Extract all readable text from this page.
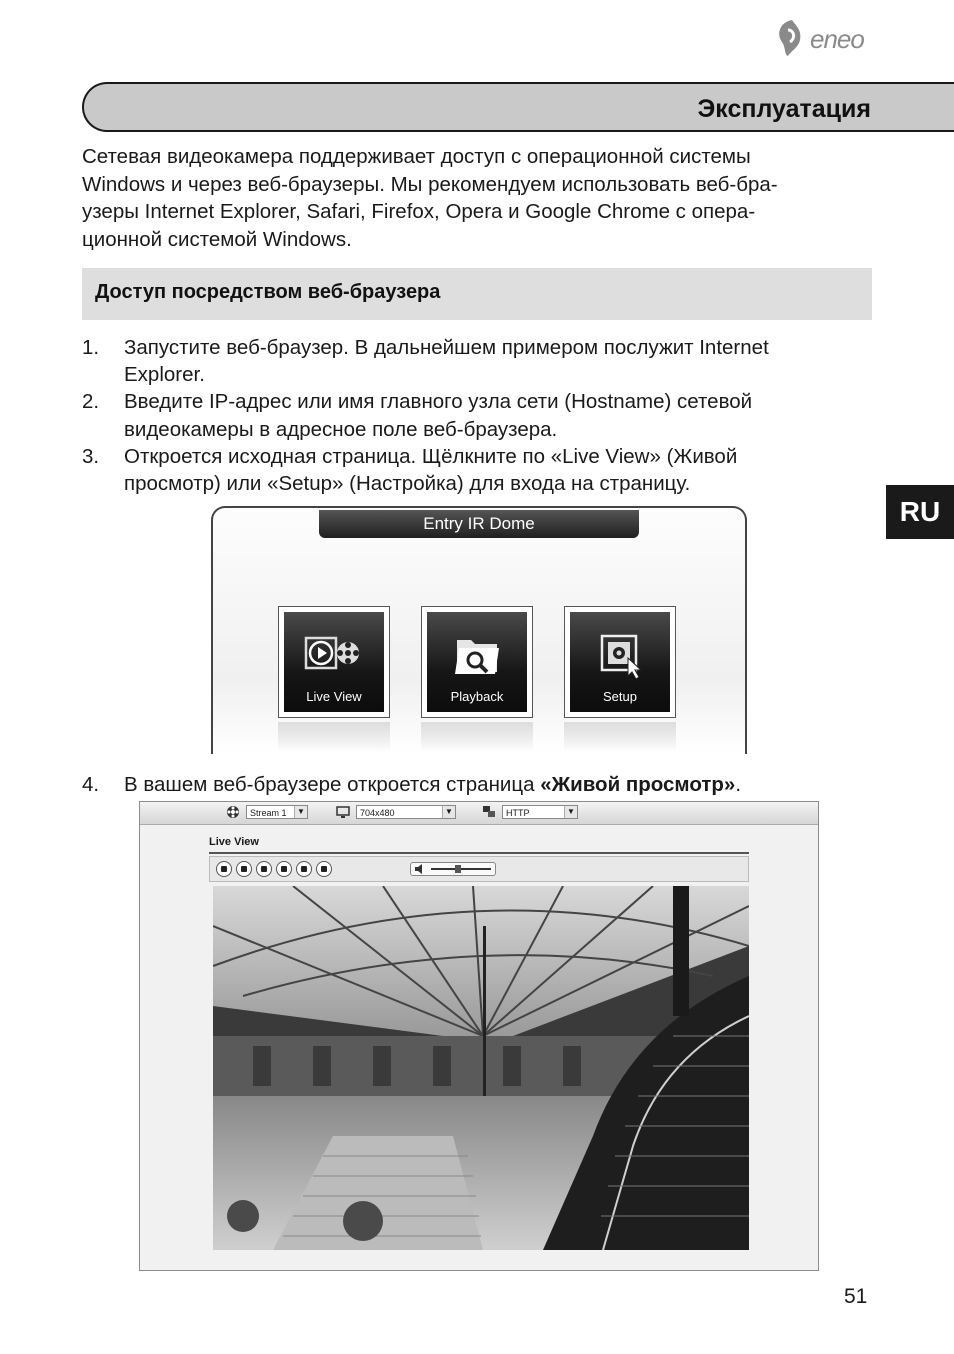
eneo
Эксплуатация

Сетевая видеокамера поддерживает доступ с операционной системы

Windows и через веб-браузеры. Мы рекомендуем использовать веб-бра-

узеры Internet Explorer, Safari, Firefox, Opera и Google Chrome с опера-

ционной системой Windows.

Доступ посредством веб-браузера
1. Запустите веб-браузер. В дальнейшем примером послужит Internet
Explorer.
2. Введите IP-адрес или имя главного узла сети (Hostname) сетевой
видеокамеры в адресное поле веб-браузера.
3. Откроется исходная страница. Щёлкните по «Live View» (Живой
просмотр) или «Setup» (Настройка) для входа на страницу.
Entry IR Dome
Live View	Playback	Setup
4. В вашем веб-браузере откроется страница «Живой просмотр».
Stream 1	▼	704x480	▼	HTTP	▼
Live View
51
RU
